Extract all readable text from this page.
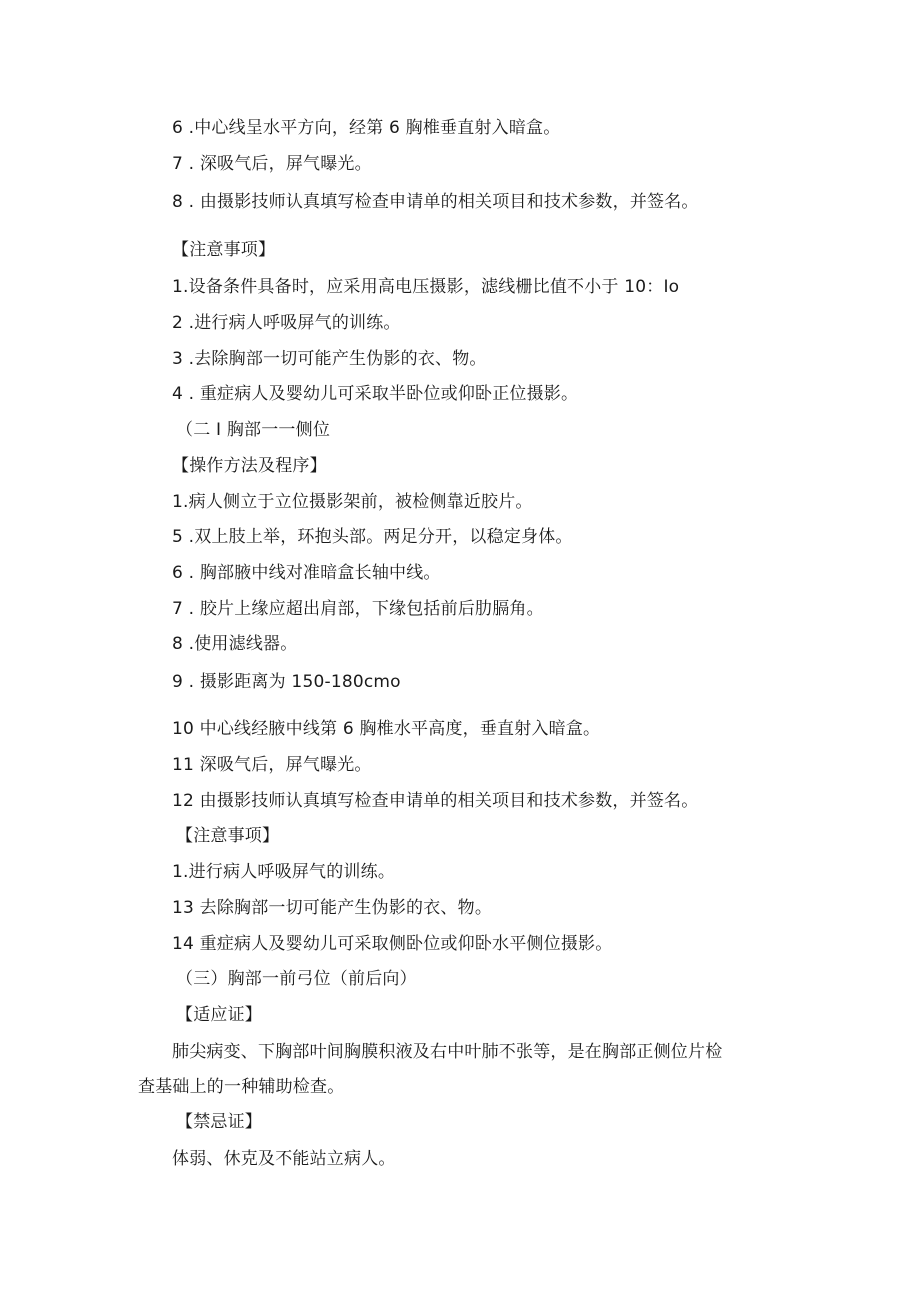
6 .中心线呈水平方向，经第 6 胸椎垂直射入暗盒。
7 . 深吸气后，屏气曝光。
8 . 由摄影技师认真填写检查申请单的相关项目和技术参数，并签名。
【注意事项】
1.设备条件具备时，应采用高电压摄影，滤线栅比值不小于 10：Io
2 .进行病人呼吸屏气的训练。
3 .去除胸部一切可能产生伪影的衣、物。
4 . 重症病人及婴幼儿可采取半卧位或仰卧正位摄影。
（二 I 胸部一一侧位
【操作方法及程序】
1.病人侧立于立位摄影架前，被检侧靠近胶片。
5 .双上肢上举，环抱头部。两足分开，以稳定身体。
6 . 胸部腋中线对准暗盒长轴中线。
7 . 胶片上缘应超出肩部，下缘包括前后肋膈角。
8 .使用滤线器。
9 . 摄影距离为 150-180cmo
10 中心线经腋中线第 6 胸椎水平高度，垂直射入暗盒。
11 深吸气后，屏气曝光。
12 由摄影技师认真填写检查申请单的相关项目和技术参数，并签名。
【注意事项】
1.进行病人呼吸屏气的训练。
13 去除胸部一切可能产生伪影的衣、物。
14 重症病人及婴幼儿可采取侧卧位或仰卧水平侧位摄影。
（三）胸部一前弓位（前后向）
【适应证】
肺尖病变、下胸部叶间胸膜积液及右中叶肺不张等，是在胸部正侧位片检
查基础上的一种辅助检查。
【禁忌证】
体弱、休克及不能站立病人。
